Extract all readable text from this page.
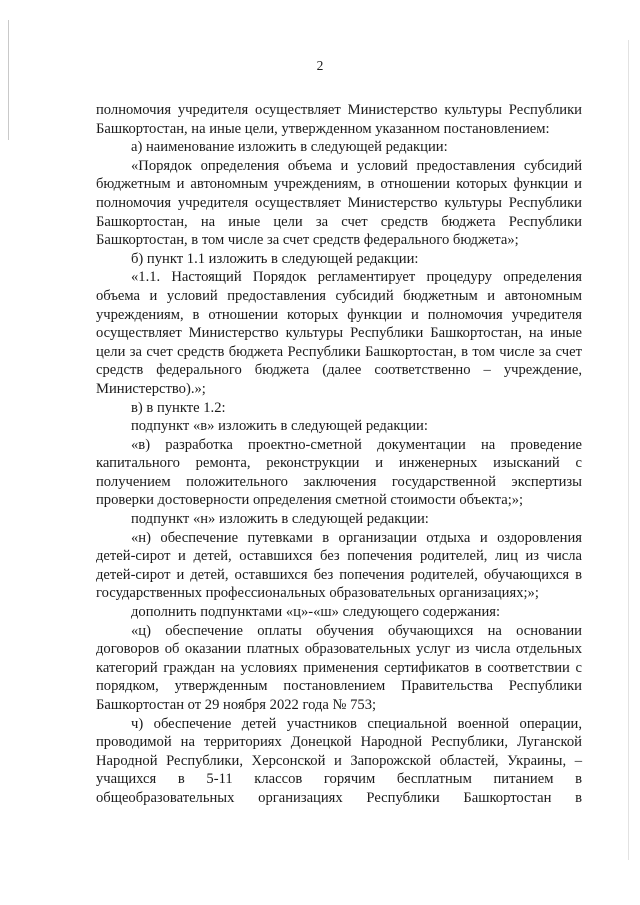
2

полномочия учредителя осуществляет Министерство культуры Республики Башкортостан, на иные цели, утвержденном указанном постановлением:

а) наименование изложить в следующей редакции:

«Порядок определения объема и условий предоставления субсидий бюджетным и автономным учреждениям, в отношении которых функции и полномочия учредителя осуществляет Министерство культуры Республики Башкортостан, на иные цели за счет средств бюджета Республики Башкортостан, в том числе за счет средств федерального бюджета»;

б) пункт 1.1 изложить в следующей редакции:

«1.1. Настоящий Порядок регламентирует процедуру определения объема и условий предоставления субсидий бюджетным и автономным учреждениям, в отношении которых функции и полномочия учредителя осуществляет Министерство культуры Республики Башкортостан, на иные цели за счет средств бюджета Республики Башкортостан, в том числе за счет средств федерального бюджета (далее соответственно – учреждение, Министерство).»;

в) в пункте 1.2:

подпункт «в» изложить в следующей редакции:

«в) разработка проектно-сметной документации на проведение капитального ремонта, реконструкции и инженерных изысканий с получением положительного заключения государственной экспертизы проверки достоверности определения сметной стоимости объекта;»;

подпункт «н» изложить в следующей редакции:

«н) обеспечение путевками в организации отдыха и оздоровления детей-сирот и детей, оставшихся без попечения родителей, лиц из числа детей-сирот и детей, оставшихся без попечения родителей, обучающихся в государственных профессиональных образовательных организациях;»;

дополнить подпунктами «ц»-«ш» следующего содержания:

«ц) обеспечение оплаты обучения обучающихся на основании договоров об оказании платных образовательных услуг из числа отдельных категорий граждан на условиях применения сертификатов в соответствии с порядком, утвержденным постановлением Правительства Республики Башкортостан от 29 ноября 2022 года № 753;

ч) обеспечение детей участников специальной военной операции, проводимой на территориях Донецкой Народной Республики, Луганской Народной Республики, Херсонской и Запорожской областей, Украины, – учащихся в 5-11 классов горячим бесплатным питанием в общеобразовательных организациях Республики Башкортостан в
